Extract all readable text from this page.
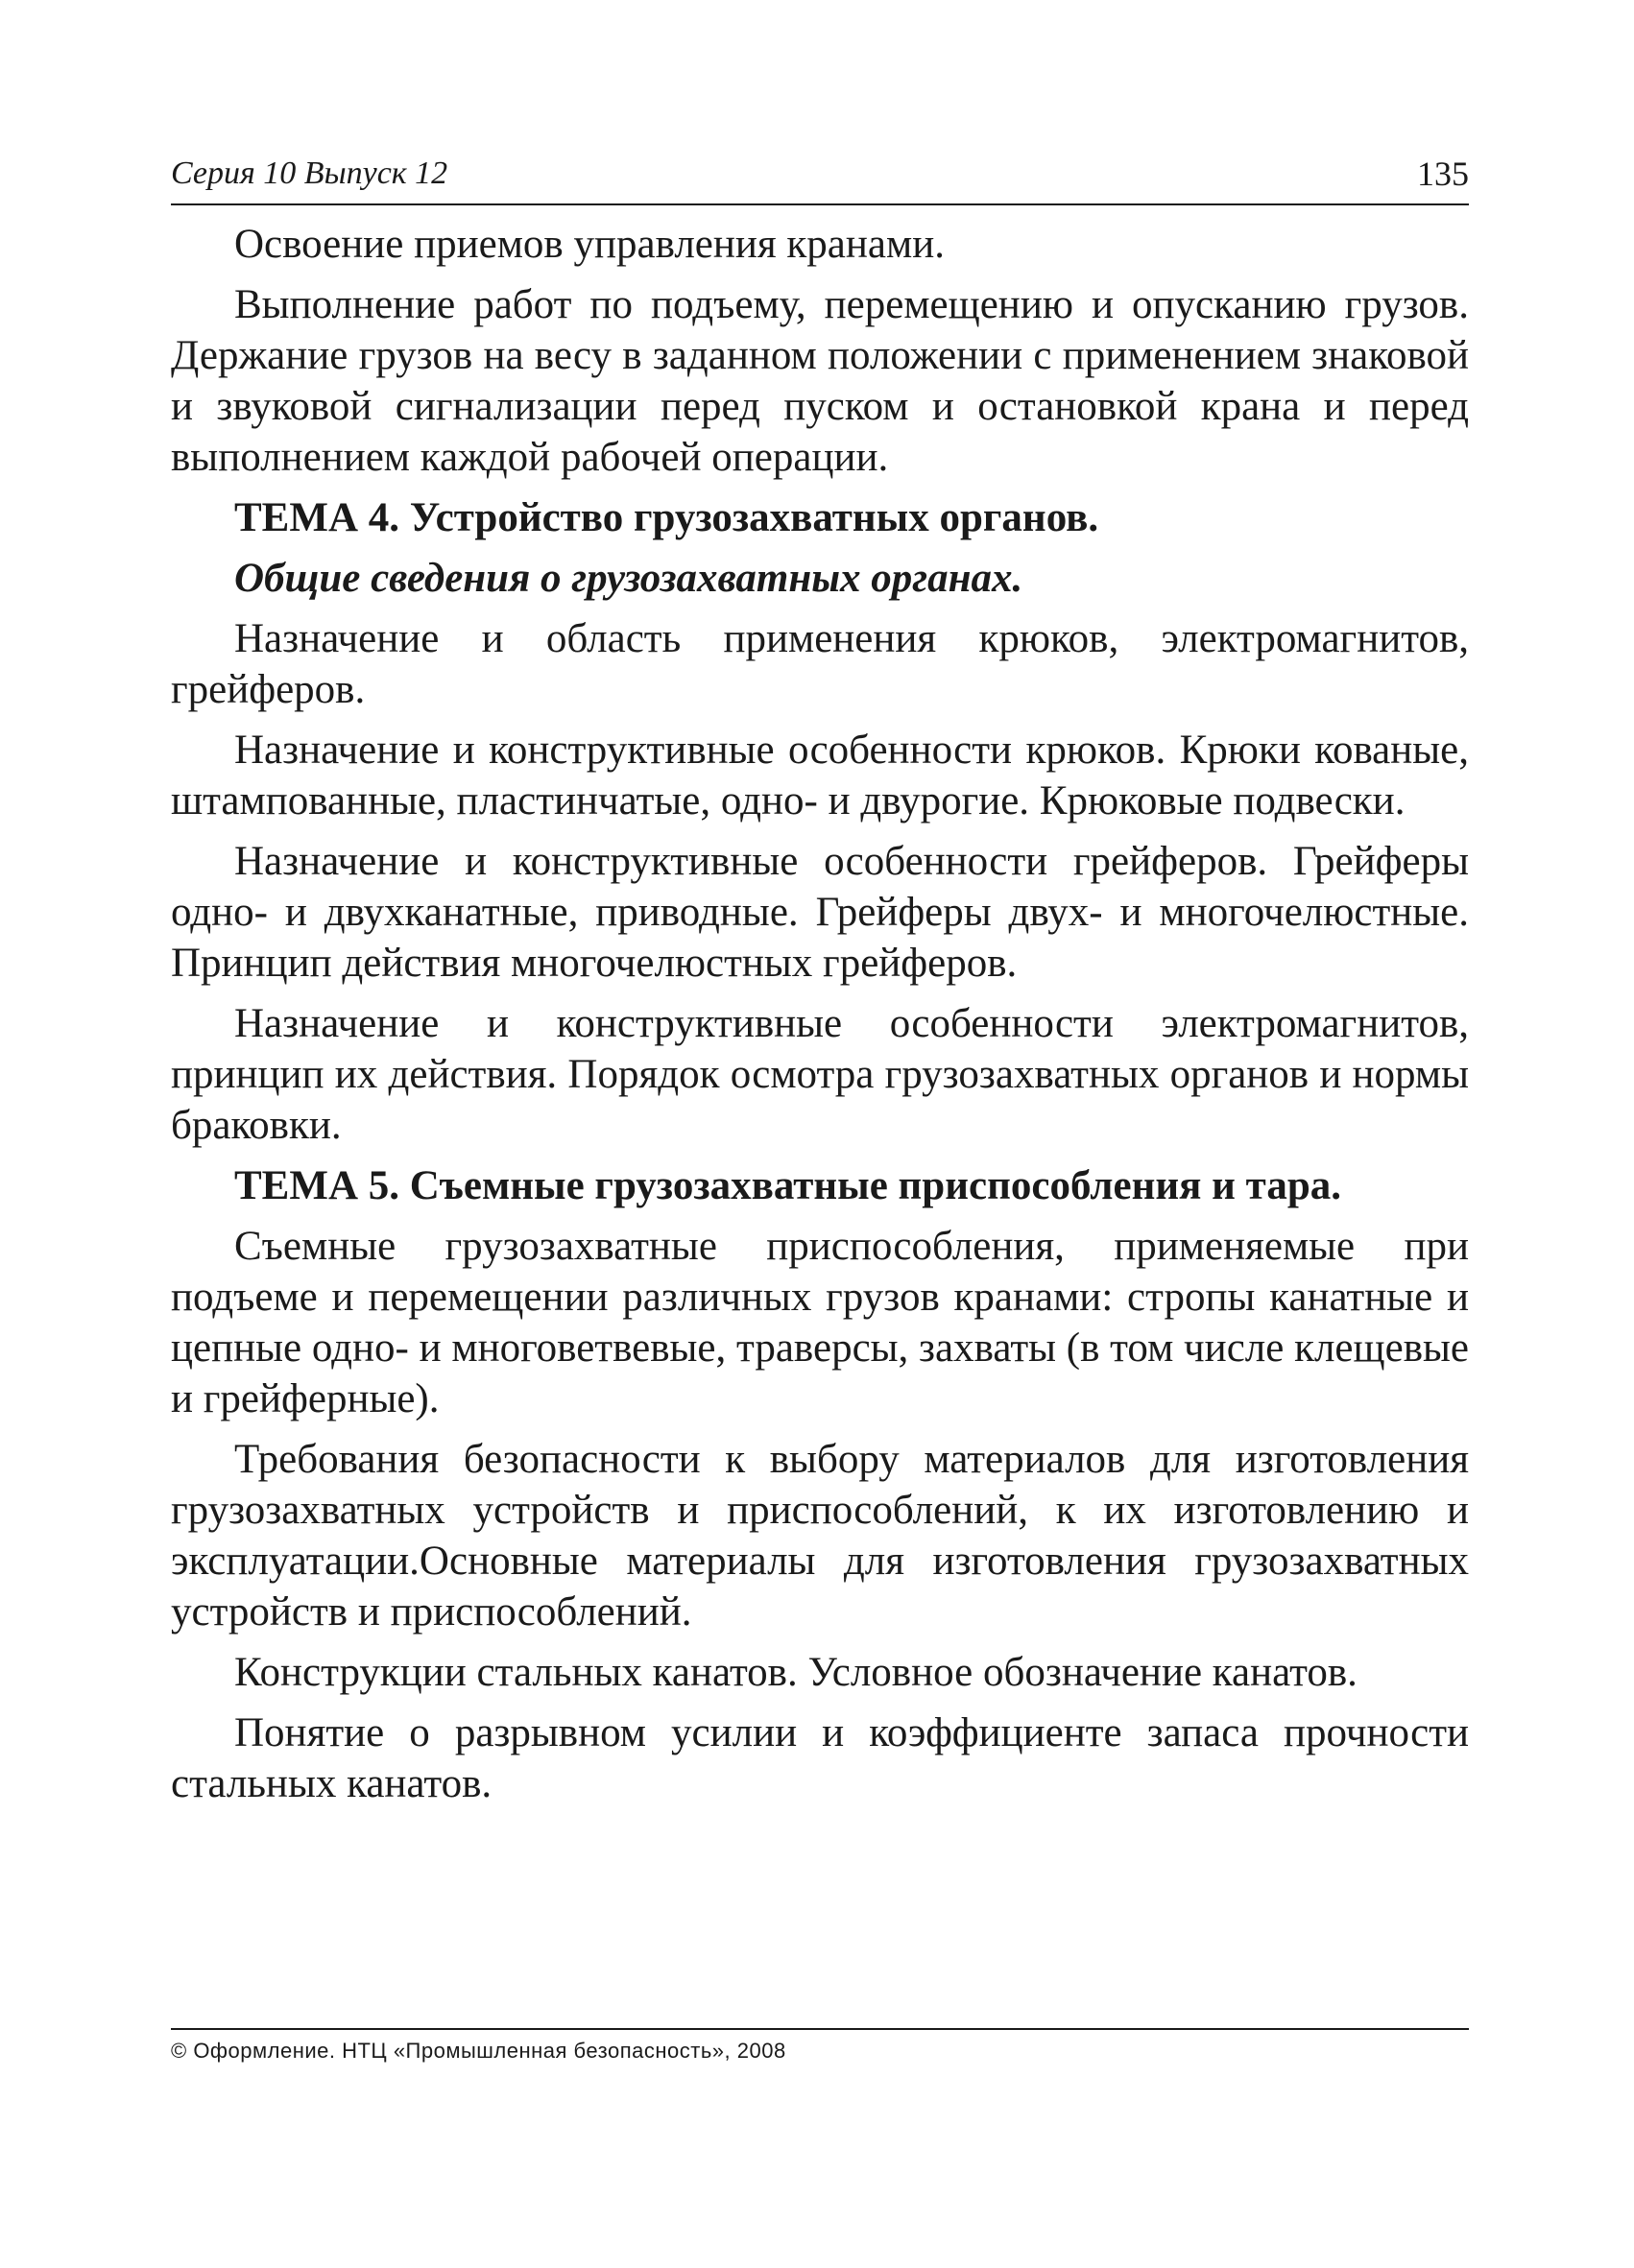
Серия 10 Выпуск 12	135

Освоение приемов управления кранами.

Выполнение работ по подъему, перемещению и опусканию грузов. Держание грузов на весу в заданном положении с применением знаковой и звуковой сигнализации перед пуском и остановкой крана и перед выполнением каждой рабочей операции.

ТЕМА 4. Устройство грузозахватных органов.

Общие сведения о грузозахватных органах.

Назначение и область применения крюков, электромагнитов, грейферов.

Назначение и конструктивные особенности крюков. Крюки кованые, штампованные, пластинчатые, одно- и двурогие. Крюковые подвески.

Назначение и конструктивные особенности грейферов. Грейферы одно- и двухканатные, приводные. Грейферы двух- и многочелюстные. Принцип действия многочелюстных грейферов.

Назначение и конструктивные особенности электромагнитов, принцип их действия. Порядок осмотра грузозахватных органов и нормы браковки.

ТЕМА 5. Съемные грузозахватные приспособления и тара.

Съемные грузозахватные приспособления, применяемые при подъеме и перемещении различных грузов кранами: стропы канатные и цепные одно- и многоветвевые, траверсы, захваты (в том числе клещевые и грейферные).

Требования безопасности к выбору материалов для изготовления грузозахватных устройств и приспособлений, к их изготовлению и эксплуатации.Основные материалы для изготовления грузозахватных устройств и приспособлений.

Конструкции стальных канатов. Условное обозначение канатов.

Понятие о разрывном усилии и коэффициенте запаса прочности стальных канатов.

© Оформление. НТЦ «Промышленная безопасность», 2008
